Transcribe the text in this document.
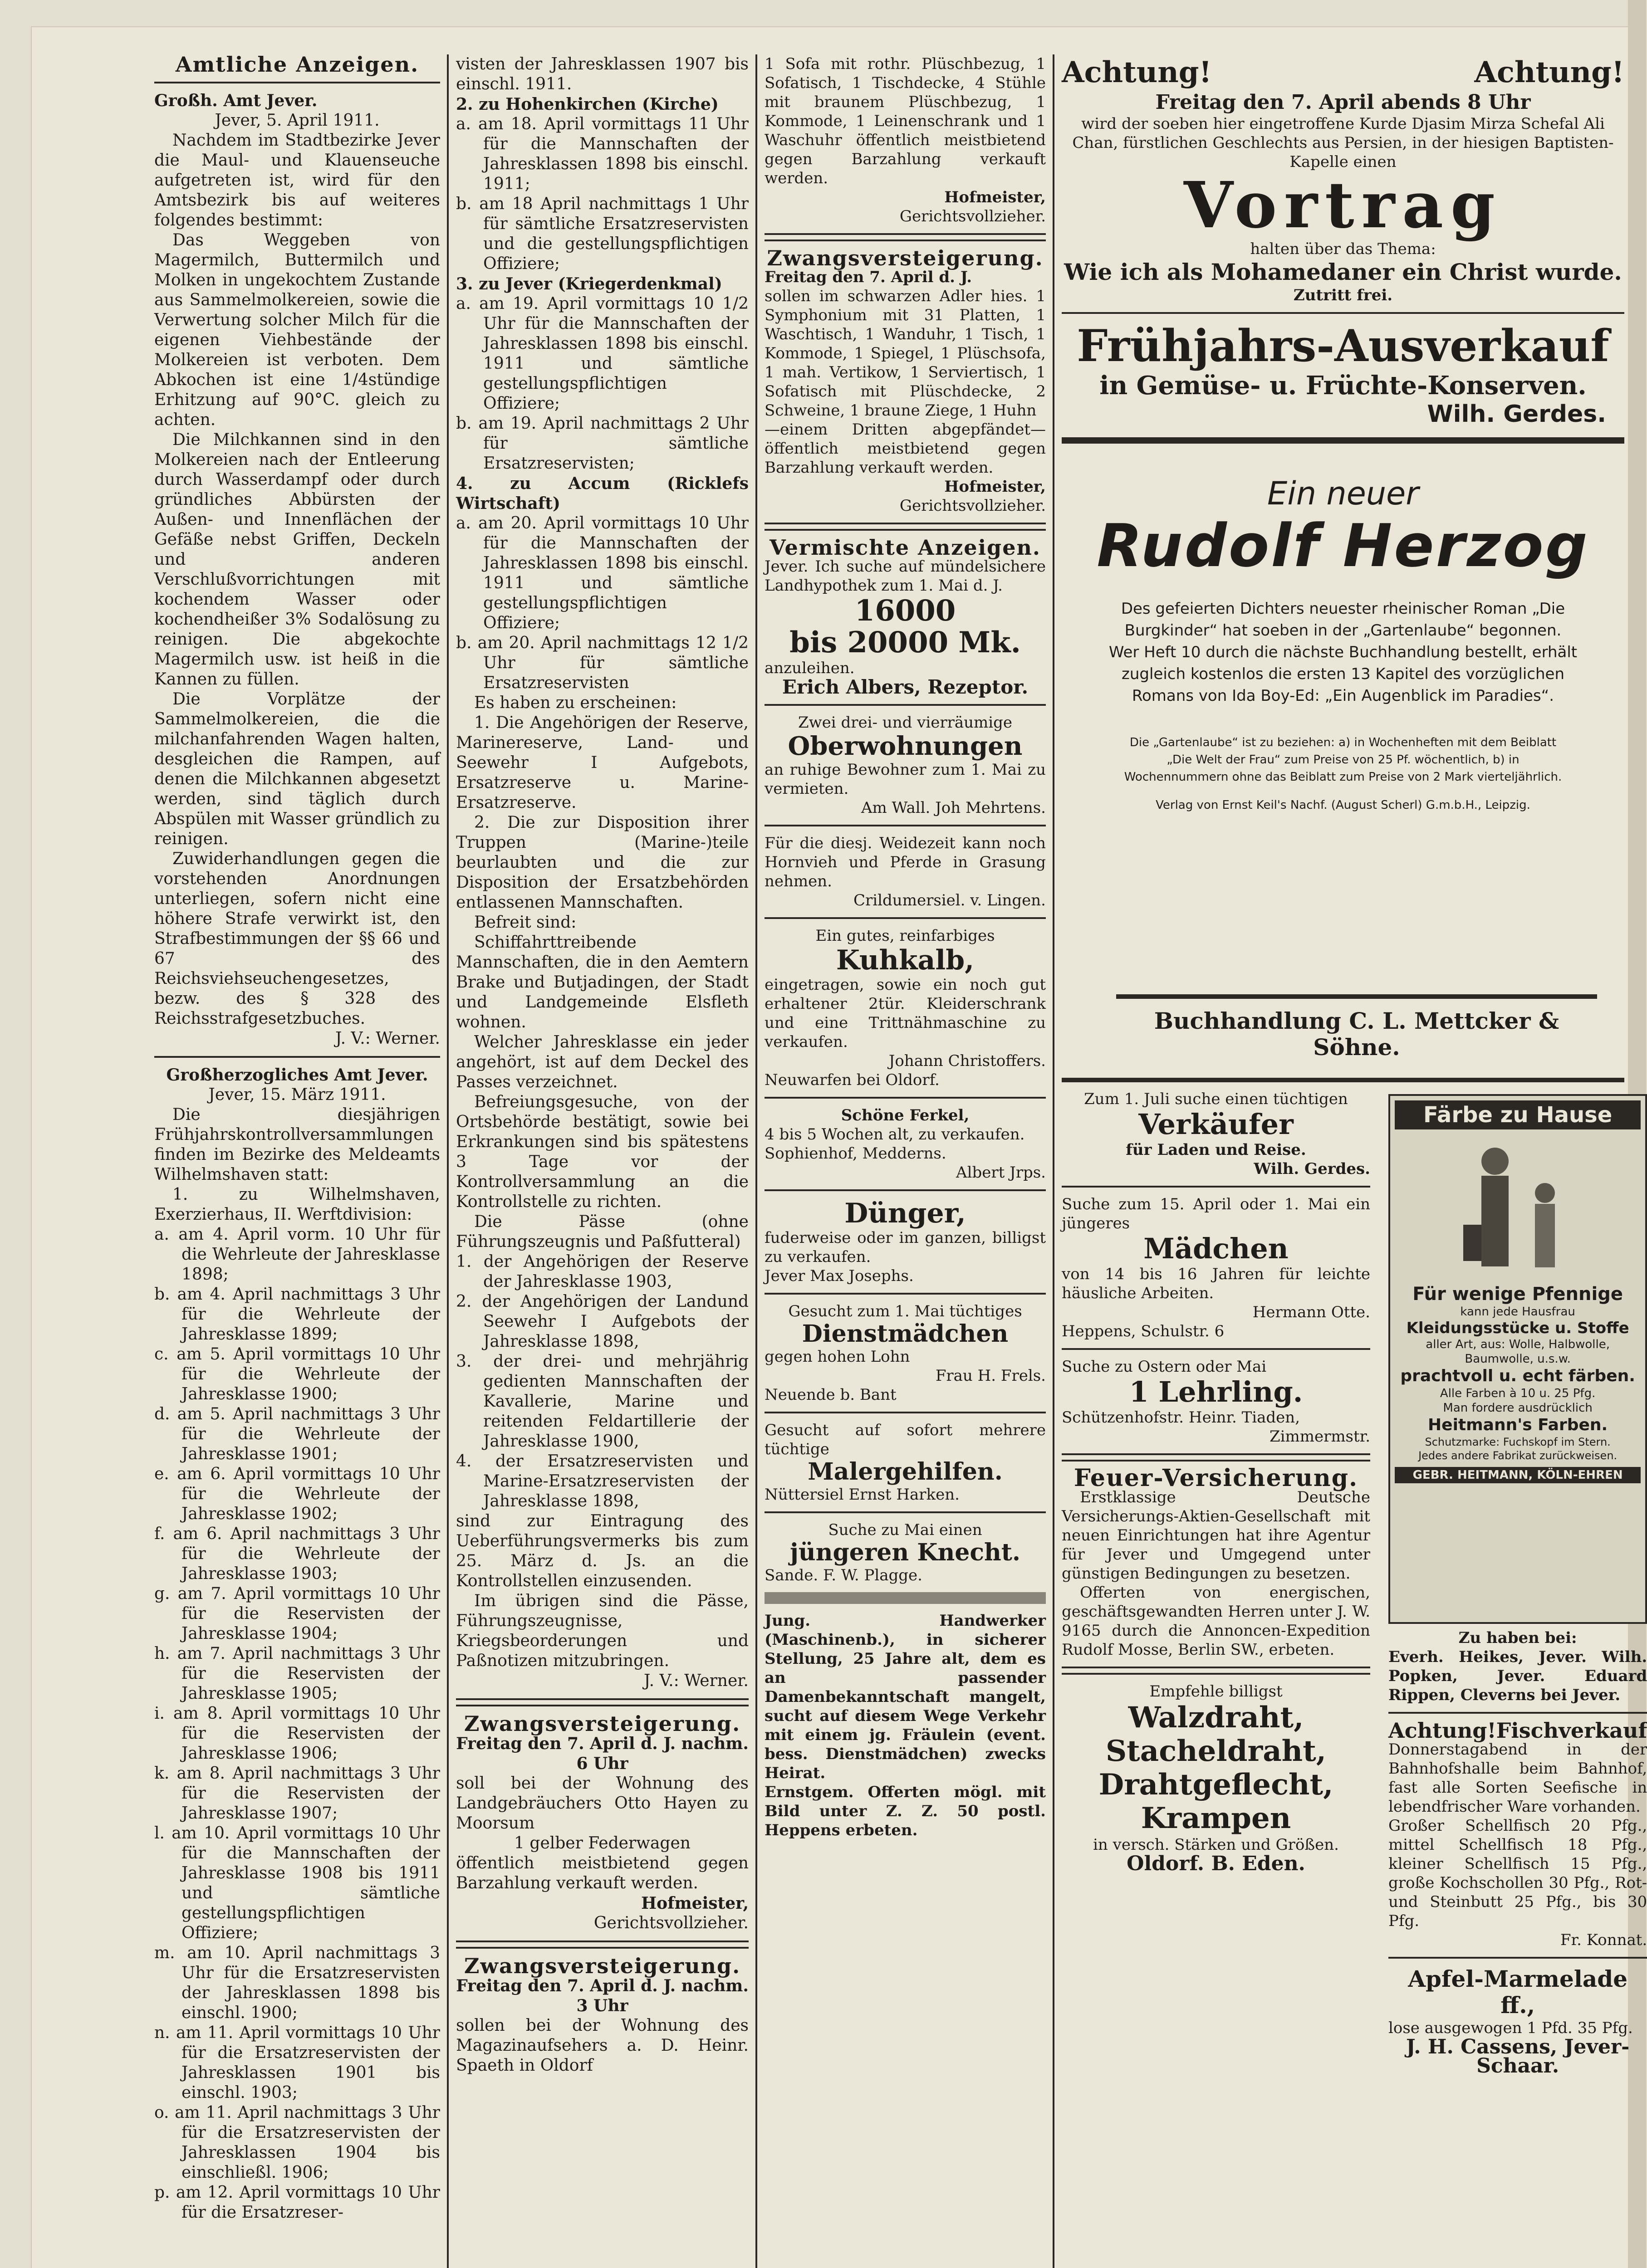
Amtliche Anzeigen.

Großh. Amt Jever.

Jever, 5. April 1911.

Nachdem im Stadtbezirke Jever die Maul- und Klauenseuche aufgetreten ist, wird für den Amtsbezirk bis auf weiteres folgendes bestimmt:

Das Weggeben von Magermilch, Buttermilch und Molken in ungekochtem Zustande aus Sammelmolkereien, sowie die Verwertung solcher Milch für die eigenen Viehbestände der Molkereien ist verboten. Dem Abkochen ist eine 1/4stündige Erhitzung auf 90°C. gleich zu achten.

Die Milchkannen sind in den Molkereien nach der Entleerung durch Wasserdampf oder durch gründliches Abbürsten der Außen- und Innenflächen der Gefäße nebst Griffen, Deckeln und anderen Verschlußvorrichtungen mit kochendem Wasser oder kochendheißer 3% Sodalösung zu reinigen. Die abgekochte Magermilch usw. ist heiß in die Kannen zu füllen.

Die Vorplätze der Sammelmolkereien, die die milchanfahrenden Wagen halten, desgleichen die Rampen, auf denen die Milchkannen abgesetzt werden, sind täglich durch Abspülen mit Wasser gründlich zu reinigen.

Zuwiderhandlungen gegen die vorstehenden Anordnungen unterliegen, sofern nicht eine höhere Strafe verwirkt ist, den Strafbestimmungen der §§ 66 und 67 des Reichsviehseuchengesetzes, bezw. des § 328 des Reichsstrafgesetzbuches.

J. V.: Werner.

Großherzogliches Amt Jever.

Jever, 15. März 1911.

Die diesjährigen Frühjahrskontrollversammlungen finden im Bezirke des Meldeamts Wilhelmshaven statt:

1. zu Wilhelmshaven, Exerzierhaus, II. Werftdivision:

a. am 4. April vorm. 10 Uhr für die Wehrleute der Jahresklasse 1898;

b. am 4. April nachmittags 3 Uhr für die Wehrleute der Jahresklasse 1899;

c. am 5. April vormittags 10 Uhr für die Wehrleute der Jahresklasse 1900;

d. am 5. April nachmittags 3 Uhr für die Wehrleute der Jahresklasse 1901;

e. am 6. April vormittags 10 Uhr für die Wehrleute der Jahresklasse 1902;

f. am 6. April nachmittags 3 Uhr für die Wehrleute der Jahresklasse 1903;

g. am 7. April vormittags 10 Uhr für die Reservisten der Jahresklasse 1904;

h. am 7. April nachmittags 3 Uhr für die Reservisten der Jahresklasse 1905;

i. am 8. April vormittags 10 Uhr für die Reservisten der Jahresklasse 1906;

k. am 8. April nachmittags 3 Uhr für die Reservisten der Jahresklasse 1907;

l. am 10. April vormittags 10 Uhr für die Mannschaften der Jahresklasse 1908 bis 1911 und sämtliche gestellungspflichtigen Offiziere;

m. am 10. April nachmittags 3 Uhr für die Ersatzreservisten der Jahresklassen 1898 bis einschl. 1900;

n. am 11. April vormittags 10 Uhr für die Ersatzreservisten der Jahresklassen 1901 bis einschl. 1903;

o. am 11. April nachmittags 3 Uhr für die Ersatzreservisten der Jahresklassen 1904 bis einschließl. 1906;

p. am 12. April vormittags 10 Uhr für die Ersatzreser-

visten der Jahresklassen 1907 bis einschl. 1911.

2. zu Hohenkirchen (Kirche)

a. am 18. April vormittags 11 Uhr für die Mannschaften der Jahresklassen 1898 bis einschl. 1911;

b. am 18 April nachmittags 1 Uhr für sämtliche Ersatzreservisten und die gestellungspflichtigen Offiziere;

3. zu Jever (Kriegerdenkmal)

a. am 19. April vormittags 10 1/2 Uhr für die Mannschaften der Jahresklassen 1898 bis einschl. 1911 und sämtliche gestellungspflichtigen Offiziere;

b. am 19. April nachmittags 2 Uhr für sämtliche Ersatzreservisten;

4. zu Accum (Ricklefs Wirtschaft)

a. am 20. April vormittags 10 Uhr für die Mannschaften der Jahresklassen 1898 bis einschl. 1911 und sämtliche gestellungspflichtigen Offiziere;

b. am 20. April nachmittags 12 1/2 Uhr für sämtliche Ersatzreservisten

Es haben zu erscheinen:

1. Die Angehörigen der Reserve, Marinereserve, Land- und Seewehr I Aufgebots, Ersatzreserve u. Marine-Ersatzreserve.

2. Die zur Disposition ihrer Truppen (Marine-)teile beurlaubten und die zur Disposition der Ersatzbehörden entlassenen Mannschaften.

Befreit sind:

Schiffahrttreibende Mannschaften, die in den Aemtern Brake und Butjadingen, der Stadt und Landgemeinde Elsfleth wohnen.

Welcher Jahresklasse ein jeder angehört, ist auf dem Deckel des Passes verzeichnet.

Befreiungsgesuche, von der Ortsbehörde bestätigt, sowie bei Erkrankungen sind bis spätestens 3 Tage vor der Kontrollversammlung an die Kontrollstelle zu richten.

Die Pässe (ohne Führungszeugnis und Paßfutteral)

1. der Angehörigen der Reserve der Jahresklasse 1903,

2. der Angehörigen der Landund Seewehr I Aufgebots der Jahresklasse 1898,

3. der drei- und mehrjährig gedienten Mannschaften der Kavallerie, Marine und reitenden Feldartillerie der Jahresklasse 1900,

4. der Ersatzreservisten und Marine-Ersatzreservisten der Jahresklasse 1898,

sind zur Eintragung des Ueberführungsvermerks bis zum 25. März d. Js. an die Kontrollstellen einzusenden.

Im übrigen sind die Pässe, Führungszeugnisse, Kriegsbeorderungen und Paßnotizen mitzubringen.

J. V.: Werner.

Zwangsversteigerung.

Freitag den 7. April d. J. nachm. 6 Uhr

soll bei der Wohnung des Landgebräuchers Otto Hayen zu Moorsum

1 gelber Federwagen

öffentlich meistbietend gegen Barzahlung verkauft werden.

Hofmeister,

Gerichtsvollzieher.

Zwangsversteigerung.

Freitag den 7. April d. J. nachm. 3 Uhr

sollen bei der Wohnung des Magazinaufsehers a. D. Heinr. Spaeth in Oldorf

1 Sofa mit rothr. Plüschbezug, 1 Sofatisch, 1 Tischdecke, 4 Stühle mit braunem Plüschbezug, 1 Kommode, 1 Leinenschrank und 1 Waschuhr öffentlich meistbietend gegen Barzahlung verkauft werden.

Hofmeister,

Gerichtsvollzieher.

Zwangsversteigerung.

Freitag den 7. April d. J.

sollen im schwarzen Adler hies. 1 Symphonium mit 31 Platten, 1 Waschtisch, 1 Wanduhr, 1 Tisch, 1 Kommode, 1 Spiegel, 1 Plüschsofa, 1 mah. Vertikow, 1 Serviertisch, 1 Sofatisch mit Plüschdecke, 2 Schweine, 1 braune Ziege, 1 Huhn

—einem Dritten abgepfändet—öffentlich meistbietend gegen Barzahlung verkauft werden.

Hofmeister,

Gerichtsvollzieher.

Vermischte Anzeigen.

Jever. Ich suche auf mündelsichere Landhypothek zum 1. Mai d. J.

16000
bis 20000 Mk.

anzuleihen.

Erich Albers, Rezeptor.

Zwei drei- und vierräumige

Oberwohnungen

an ruhige Bewohner zum 1. Mai zu vermieten.

Am Wall. Joh Mehrtens.

Für die diesj. Weidezeit kann noch Hornvieh und Pferde in Grasung nehmen.

Crildumersiel. v. Lingen.

Ein gutes, reinfarbiges

Kuhkalb,

eingetragen, sowie ein noch gut erhaltener 2tür. Kleiderschrank und eine Trittnähmaschine zu verkaufen.

Johann Christoffers.

Neuwarfen bei Oldorf.

Schöne Ferkel,

4 bis 5 Wochen alt, zu verkaufen.

Sophienhof, Medderns.

Albert Jrps.

Dünger,

fuderweise oder im ganzen, billigst zu verkaufen.

Jever Max Josephs.

Gesucht zum 1. Mai tüchtiges

Dienstmädchen

gegen hohen Lohn

Frau H. Frels.

Neuende b. Bant

Gesucht auf sofort mehrere tüchtige

Malergehilfen.

Nüttersiel Ernst Harken.

Suche zu Mai einen

jüngeren Knecht.

Sande. F. W. Plagge.

Jung. Handwerker (Maschinenb.), in sicherer Stellung, 25 Jahre alt, dem es an passender Damenbekanntschaft mangelt, sucht auf diesem Wege Verkehr mit einem jg. Fräulein (event. bess. Dienstmädchen) zwecks Heirat.

Ernstgem. Offerten mögl. mit Bild unter Z. Z. 50 postl. Heppens erbeten.

Achtung!	Achtung!

Freitag den 7. April abends 8 Uhr

wird der soeben hier eingetroffene Kurde Djasim Mirza Schefal Ali Chan, fürstlichen Geschlechts aus Persien, in der hiesigen Baptisten-Kapelle einen

Vortrag

halten über das Thema:

Wie ich als Mohamedaner ein Christ wurde.

Zutritt frei.

Frühjahrs-Ausverkauf

in Gemüse- u. Früchte-Konserven.

Wilh. Gerdes.

Ein neuer

Rudolf Herzog

Des gefeierten Dichters neuester rheinischer Roman „Die Burgkinder“ hat soeben in der „Gartenlaube“ begonnen. Wer Heft 10 durch die nächste Buchhandlung bestellt, erhält zugleich kostenlos die ersten 13 Kapitel des vorzüglichen Romans von Ida Boy-Ed: „Ein Augenblick im Paradies“.

Die „Gartenlaube“ ist zu beziehen: a) in Wochenheften mit dem Beiblatt „Die Welt der Frau“ zum Preise von 25 Pf. wöchentlich, b) in Wochennummern ohne das Beiblatt zum Preise von 2 Mark vierteljährlich.

Verlag von Ernst Keil's Nachf. (August Scherl) G.m.b.H., Leipzig.

Buchhandlung C. L. Mettcker & Söhne.

Zum 1. Juli suche einen tüchtigen

Verkäufer

für Laden und Reise.

Wilh. Gerdes.

Suche zum 15. April oder 1. Mai ein jüngeres

Mädchen

von 14 bis 16 Jahren für leichte häusliche Arbeiten.

Hermann Otte.

Heppens, Schulstr. 6

Suche zu Ostern oder Mai

1 Lehrling.

Schützenhofstr. Heinr. Tiaden,

Zimmermstr.

Feuer-Versicherung.

Erstklassige Deutsche Versicherungs-Aktien-Gesellschaft mit neuen Einrichtungen hat ihre Agentur für Jever und Umgegend unter günstigen Bedingungen zu besetzen.

Offerten von energischen, geschäftsgewandten Herren unter J. W. 9165 durch die Annoncen-Expedition Rudolf Mosse, Berlin SW., erbeten.

Empfehle billigst

Walzdraht,
Stacheldraht,
Drahtgeflecht,
Krampen

in versch. Stärken und Größen.

Oldorf. B. Eden.

Färbe zu Hause

Für wenige Pfennige

kann jede Hausfrau

Kleidungsstücke u. Stoffe

aller Art, aus: Wolle, Halbwolle, Baumwolle, u.s.w.

prachtvoll u. echt färben.

Alle Farben à 10 u. 25 Pfg.

Man fordere ausdrücklich

Heitmann's Farben.

Schutzmarke: Fuchskopf im Stern.

Jedes andere Fabrikat zurückweisen.

GEBR. HEITMANN, KÖLN-EHREN

Zu haben bei:

Everh. Heikes, Jever. Wilh. Popken, Jever. Eduard Rippen, Cleverns bei Jever.

Achtung! Fischverkauf

Donnerstagabend in der Bahnhofshalle beim Bahnhof, fast alle Sorten Seefische in lebendfrischer Ware vorhanden.

Großer Schellfisch 20 Pfg., mittel Schellfisch 18 Pfg., kleiner Schellfisch 15 Pfg., große Kochschollen 30 Pfg., Rot- und Steinbutt 25 Pfg., bis 30 Pfg.

Fr. Konnat.

Apfel-Marmelade ff.,

lose ausgewogen 1 Pfd. 35 Pfg.

J. H. Cassens, Jever-Schaar.
